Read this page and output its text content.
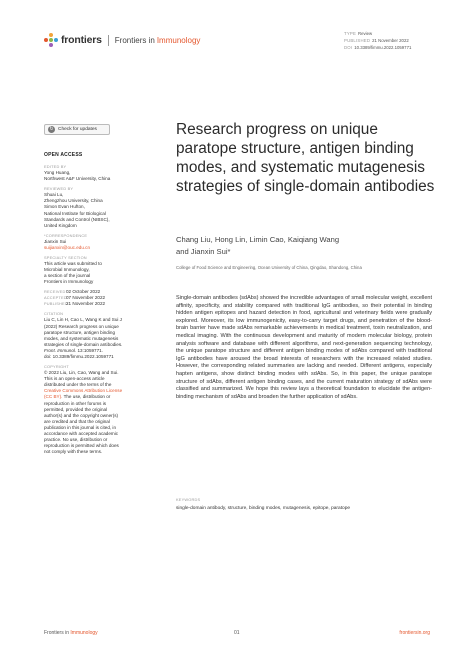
frontiers Frontiers in Immunology
TYPE Review
PUBLISHED 21 November 2022
DOI 10.3389/fimmu.2022.1059771
↻ Check for updates
OPEN ACCESS
EDITED BY
Yong Huang,
Northwest A&F University, China
REVIEWED BY
Shuai Lu,
Zhengzhou University, China
Simon Evan Hufton,
National Institute for Biological
Standards and Control (NIBSC),
United Kingdom
*CORRESPONDENCE
Jianxin Sui
suijianxin@ouc.edu.cn
SPECIALTY SECTION
This article was submitted to
Microbial Immunology,
a section of the journal
Frontiers in Immunology
RECEIVED02 October 2022
ACCEPTED07 November 2022
PUBLISHED21 November 2022
CITATION
Liu C, Lin H, Cao L, Wang K and Sui J
(2022) Research progress on unique
paratope structure, antigen binding
modes, and systematic mutagenesis
strategies of single-domain antibodies.
Front. Immunol. 13:1059771.
doi: 10.3389/fimmu.2022.1059771
COPYRIGHT
© 2022 Liu, Lin, Cao, Wang and Sui.
This is an open-access article
distributed under the terms of the
Creative Commons Attribution License
(CC BY). The use, distribution or
reproduction in other forums is
permitted, provided the original
author(s) and the copyright owner(s)
are credited and that the original
publication in this journal is cited, in
accordance with accepted academic
practice. No use, distribution or
reproduction is permitted which does
not comply with these terms.
Research progress on unique paratope structure, antigen binding modes, and systematic mutagenesis strategies of single-domain antibodies
Chang Liu, Hong Lin, Limin Cao, Kaiqiang Wang
and Jianxin Sui*
College of Food Science and Engineering, Ocean University of China, Qingdao, Shandong, China

Single-domain antibodies (sdAbs) showed the incredible advantages of small molecular weight, excellent affinity, specificity, and stability compared with traditional IgG antibodies, so their potential in binding hidden antigen epitopes and hazard detection in food, agricultural and veterinary fields were gradually explored. Moreover, its low immunogenicity, easy-to-carry target drugs, and penetration of the blood-brain barrier have made sdAbs remarkable achievements in medical treatment, toxin neutralization, and medical imaging. With the continuous development and maturity of modern molecular biology, protein analysis software and database with different algorithms, and next-generation sequencing technology, the unique paratope structure and different antigen binding modes of sdAbs compared with traditional IgG antibodies have aroused the broad interests of researchers with the increased related studies. However, the corresponding related summaries are lacking and needed. Different antigens, especially hapten antigens, show distinct binding modes with sdAbs. So, in this paper, the unique paratope structure of sdAbs, different antigen binding cases, and the current maturation strategy of sdAbs were classified and summarized. We hope this review lays a theoretical foundation to elucidate the antigen-binding mechanism of sdAbs and broaden the further application of sdAbs.

KEYWORDS
single-domain antibody, structure, binding modes, mutagenesis, epitope, paratope
Frontiers in Immunology	01	frontiersin.org
